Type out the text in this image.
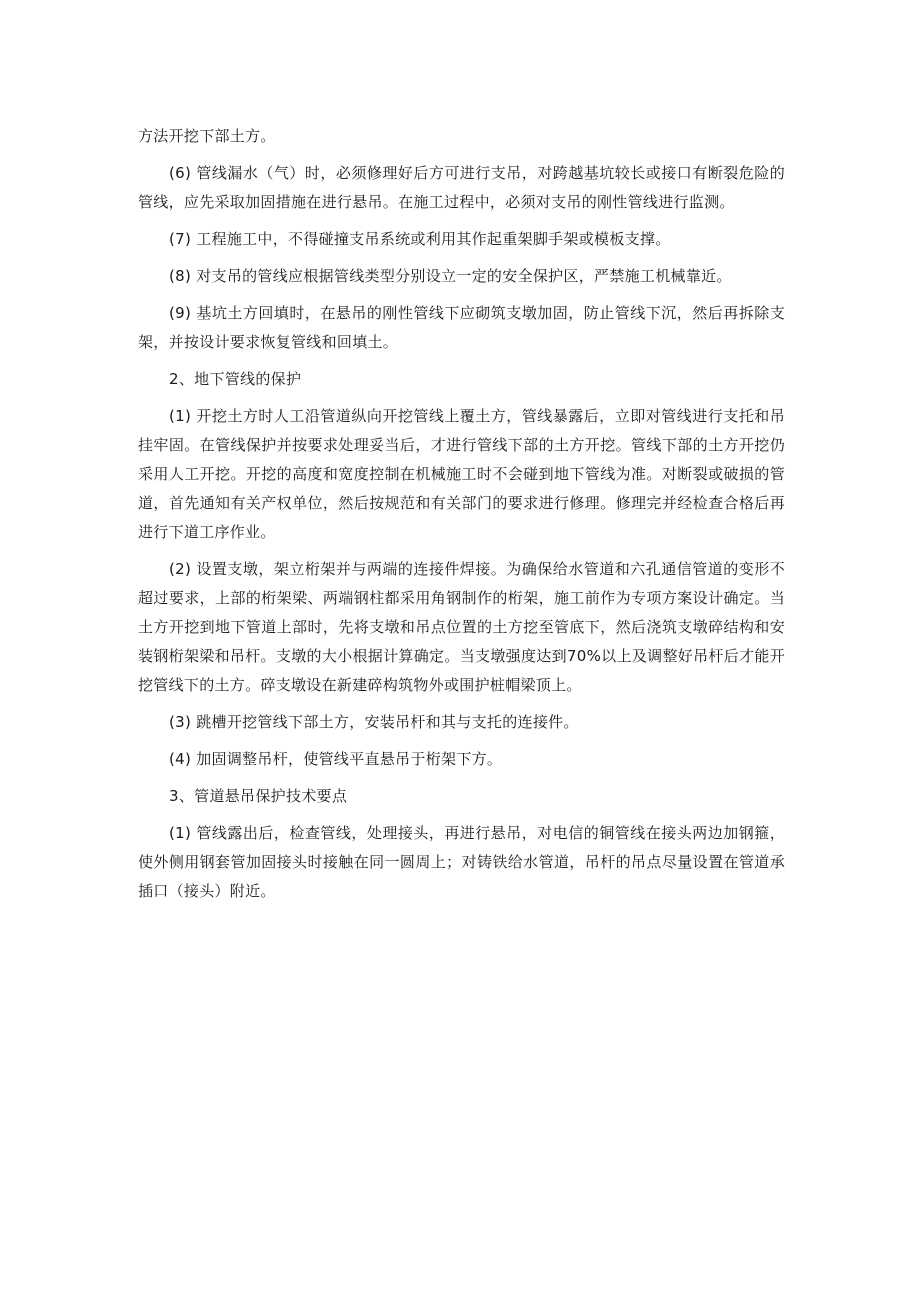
方法开挖下部土方。

(6) 管线漏水（气）时，必须修理好后方可进行支吊，对跨越基坑较长或接口有断裂危险的管线，应先采取加固措施在进行悬吊。在施工过程中，必须对支吊的刚性管线进行监测。

(7) 工程施工中，不得碰撞支吊系统或利用其作起重架脚手架或模板支撑。

(8) 对支吊的管线应根据管线类型分别设立一定的安全保护区，严禁施工机械靠近。

(9) 基坑土方回填时，在悬吊的刚性管线下应砌筑支墩加固，防止管线下沉，然后再拆除支架，并按设计要求恢复管线和回填土。

2、地下管线的保护

(1) 开挖土方时人工沿管道纵向开挖管线上覆土方，管线暴露后，立即对管线进行支托和吊挂牢固。在管线保护并按要求处理妥当后，才进行管线下部的土方开挖。管线下部的土方开挖仍采用人工开挖。开挖的高度和宽度控制在机械施工时不会碰到地下管线为准。对断裂或破损的管道，首先通知有关产权单位，然后按规范和有关部门的要求进行修理。修理完并经检查合格后再进行下道工序作业。

(2) 设置支墩，架立桁架并与两端的连接件焊接。为确保给水管道和六孔通信管道的变形不超过要求，上部的桁架梁、两端钢柱都采用角钢制作的桁架，施工前作为专项方案设计确定。当土方开挖到地下管道上部时，先将支墩和吊点位置的土方挖至管底下，然后浇筑支墩碎结构和安装钢桁架梁和吊杆。支墩的大小根据计算确定。当支墩强度达到70%以上及调整好吊杆后才能开挖管线下的土方。碎支墩设在新建碎构筑物外或围护桩帽梁顶上。

(3) 跳槽开挖管线下部土方，安装吊杆和其与支托的连接件。

(4) 加固调整吊杆，使管线平直悬吊于桁架下方。

3、管道悬吊保护技术要点

(1) 管线露出后，检查管线，处理接头，再进行悬吊，对电信的铜管线在接头两边加钢箍，使外侧用钢套管加固接头时接触在同一圆周上；对铸铁给水管道，吊杆的吊点尽量设置在管道承插口（接头）附近。
